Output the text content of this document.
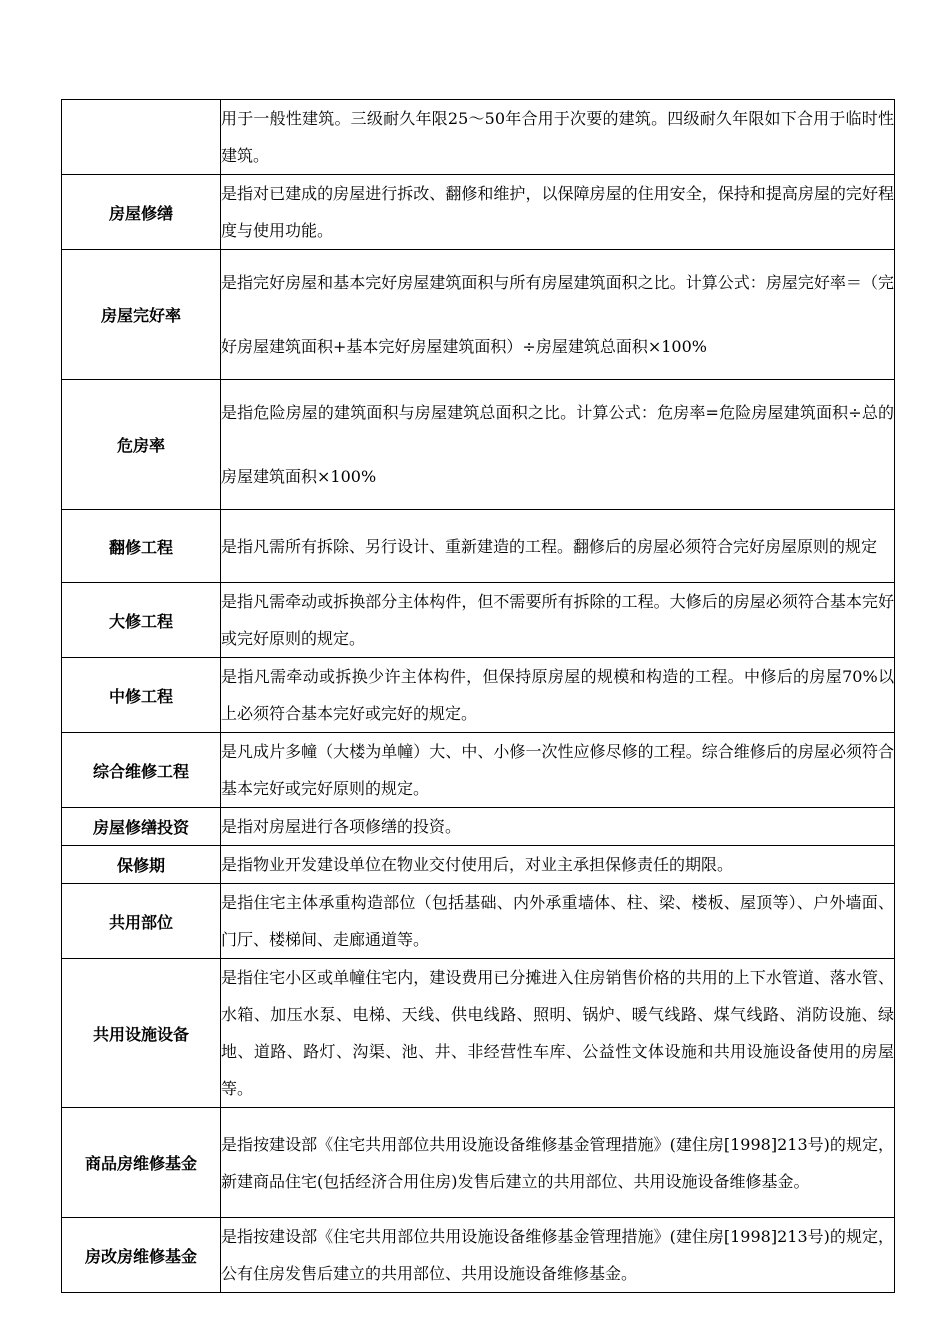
	用于一般性建筑。三级耐久年限25～50年合用于次要的建筑。四级耐久年限如下合用于临时性建筑。
房屋修缮	是指对已建成的房屋进行拆改、翻修和维护，以保障房屋的住用安全，保持和提高房屋的完好程度与使用功能。
房屋完好率	是指完好房屋和基本完好房屋建筑面积与所有房屋建筑面积之比。计算公式：房屋完好率＝（完好房屋建筑面积+基本完好房屋建筑面积）÷房屋建筑总面积×100%
危房率	是指危险房屋的建筑面积与房屋建筑总面积之比。计算公式：危房率=危险房屋建筑面积÷总的房屋建筑面积×100%
翻修工程	是指凡需所有拆除、另行设计、重新建造的工程。翻修后的房屋必须符合完好房屋原则的规定
大修工程	是指凡需牵动或拆换部分主体构件，但不需要所有拆除的工程。大修后的房屋必须符合基本完好或完好原则的规定。
中修工程	是指凡需牵动或拆换少许主体构件，但保持原房屋的规模和构造的工程。中修后的房屋70%以上必须符合基本完好或完好的规定。
综合维修工程	是凡成片多幢（大楼为单幢）大、中、小修一次性应修尽修的工程。综合维修后的房屋必须符合基本完好或完好原则的规定。
房屋修缮投资	是指对房屋进行各项修缮的投资。
保修期	是指物业开发建设单位在物业交付使用后，对业主承担保修责任的期限。
共用部位	是指住宅主体承重构造部位（包括基础、内外承重墙体、柱、梁、楼板、屋顶等）、户外墙面、门厅、楼梯间、走廊通道等。
共用设施设备	是指住宅小区或单幢住宅内，建设费用已分摊进入住房销售价格的共用的上下水管道、落水管、水箱、加压水泵、电梯、天线、供电线路、照明、锅炉、暖气线路、煤气线路、消防设施、绿地、道路、路灯、沟渠、池、井、非经营性车库、公益性文体设施和共用设施设备使用的房屋等。
商品房维修基金	是指按建设部《住宅共用部位共用设施设备维修基金管理措施》(建住房[1998]213号)的规定，新建商品住宅(包括经济合用住房)发售后建立的共用部位、共用设施设备维修基金。
房改房维修基金	是指按建设部《住宅共用部位共用设施设备维修基金管理措施》(建住房[1998]213号)的规定，公有住房发售后建立的共用部位、共用设施设备维修基金。
